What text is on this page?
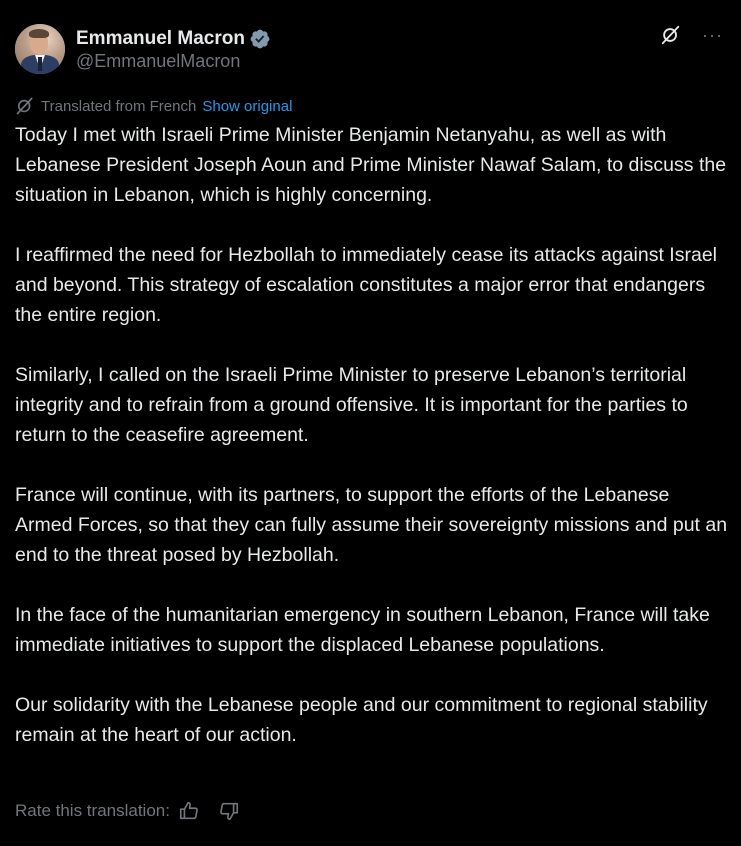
Emmanuel Macron
@EmmanuelMacron
···
Translated from French Show original

Today I met with Israeli Prime Minister Benjamin Netanyahu, as well as with Lebanese President Joseph Aoun and Prime Minister Nawaf Salam, to discuss the situation in Lebanon, which is highly concerning.

I reaffirmed the need for Hezbollah to immediately cease its attacks against Israel and beyond. This strategy of escalation constitutes a major error that endangers the entire region.

Similarly, I called on the Israeli Prime Minister to preserve Lebanon’s territorial integrity and to refrain from a ground offensive. It is important for the parties to return to the ceasefire agreement.

France will continue, with its partners, to support the efforts of the Lebanese Armed Forces, so that they can fully assume their sovereignty missions and put an end to the threat posed by Hezbollah.

In the face of the humanitarian emergency in southern Lebanon, France will take immediate initiatives to support the displaced Lebanese populations.

Our solidarity with the Lebanese people and our commitment to regional stability remain at the heart of our action.

Rate this translation:
